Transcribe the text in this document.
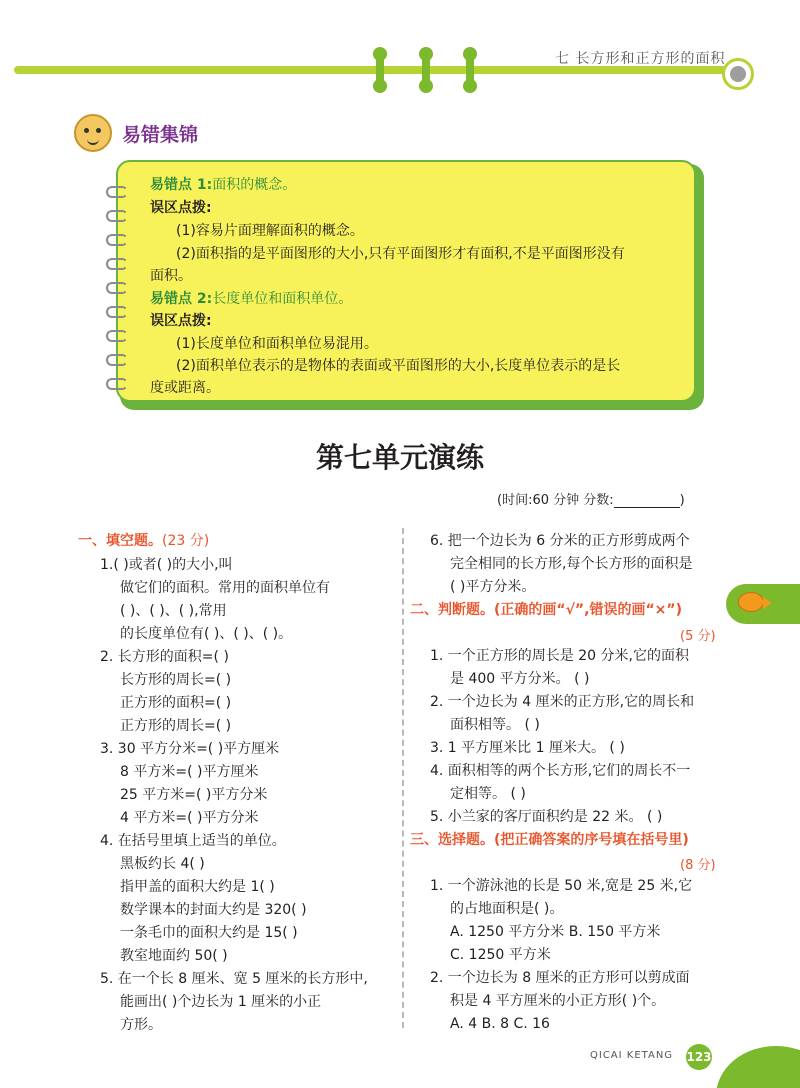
七 长方形和正方形的面积
易错集锦
易错点 1:面积的概念。
误区点拨:
(1)容易片面理解面积的概念。
(2)面积指的是平面图形的大小,只有平面图形才有面积,不是平面图形没有
面积。
易错点 2:长度单位和面积单位。
误区点拨:
(1)长度单位和面积单位易混用。
(2)面积单位表示的是物体的表面或平面图形的大小,长度单位表示的是长
度或距离。
第七单元演练
(时间:60 分钟 分数:	)
一、填空题。(23 分)
1.( )或者( )的大小,叫
做它们的面积。常用的面积单位有
( )、( )、( ),常用
的长度单位有( )、( )、( )。
2. 长方形的面积=( )
长方形的周长=( )
正方形的面积=( )
正方形的周长=( )
3. 30 平方分米=( )平方厘米
8 平方米=( )平方厘米
25 平方米=( )平方分米
4 平方米=( )平方分米
4. 在括号里填上适当的单位。
黑板约长 4( )
指甲盖的面积大约是 1( )
数学课本的封面大约是 320( )
一条毛巾的面积大约是 15( )
教室地面约 50( )
5. 在一个长 8 厘米、宽 5 厘米的长方形中,
能画出( )个边长为 1 厘米的小正
方形。
6. 把一个边长为 6 分米的正方形剪成两个
完全相同的长方形,每个长方形的面积是
( )平方分米。
二、判断题。(正确的画“√”,错误的画“×”)
(5 分)
1. 一个正方形的周长是 20 分米,它的面积
是 400 平方分米。 ( )
2. 一个边长为 4 厘米的正方形,它的周长和
面积相等。 ( )
3. 1 平方厘米比 1 厘米大。 ( )
4. 面积相等的两个长方形,它们的周长不一
定相等。 ( )
5. 小兰家的客厅面积约是 22 米。 ( )
三、选择题。(把正确答案的序号填在括号里)
(8 分)
1. 一个游泳池的长是 50 米,宽是 25 米,它
的占地面积是( )。
A. 1250 平方分米 B. 150 平方米
C. 1250 平方米
2. 一个边长为 8 厘米的正方形可以剪成面
积是 4 平方厘米的小正方形( )个。
A. 4 B. 8 C. 16
QICAI KETANG 123
